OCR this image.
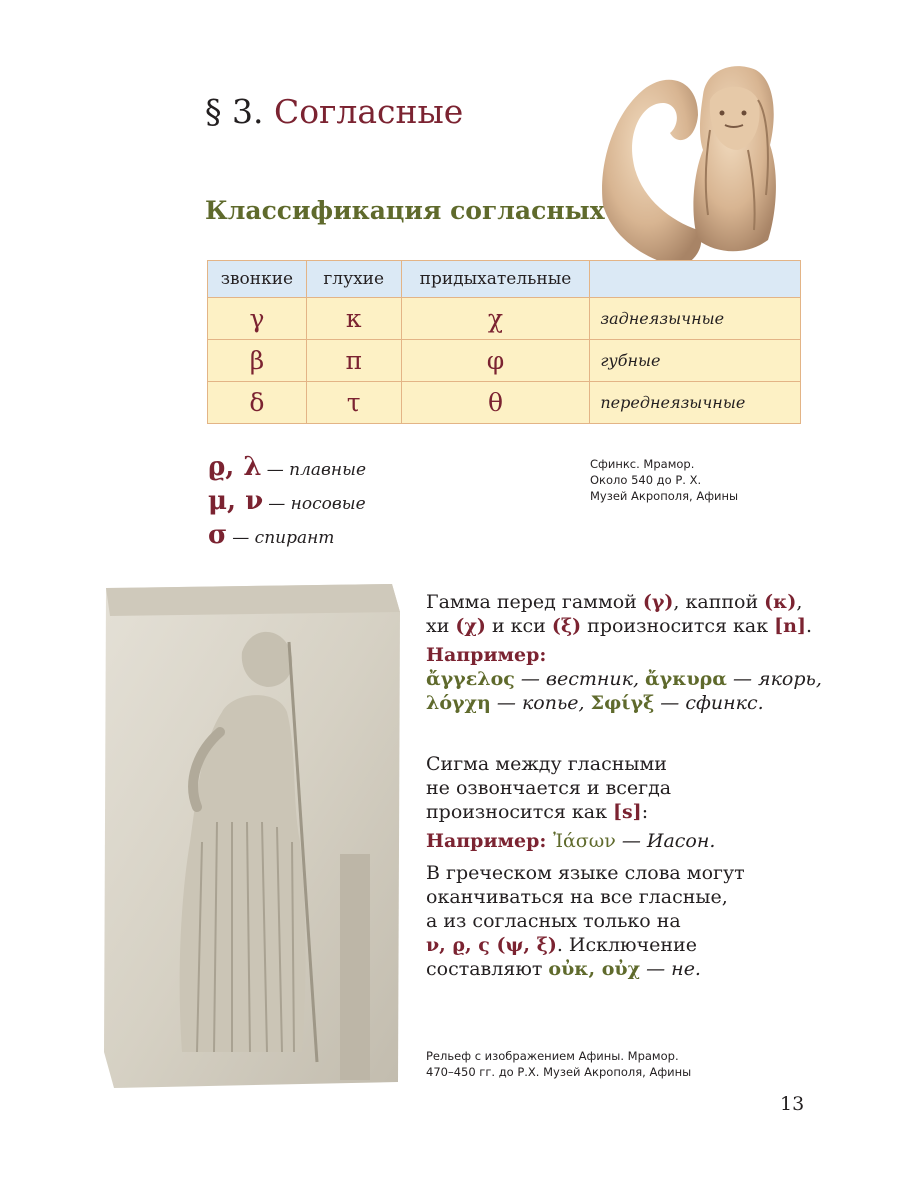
§ 3. Согласные
Классификация согласных
звонкие	глухие	придыхательные	
γ	κ	χ	заднеязычные
β	π	φ	губные
δ	τ	θ	переднеязычные
ϱ, λ — плавные
μ, ν — носовые
σ — спирант
Сфинкс. Мрамор.
Около 540 до Р. Х.
Музей Акрополя, Афины

Гамма перед гаммой (γ), каппой (κ),

хи (χ) и кси (ξ) произносится как [n].

Например:

ἄγγελος — вестник, ἄγκυρα — якорь,

λόγχη — копье, Σφίγξ — сфинкс.

Сигма между гласными

не озвончается и всегда

произносится как [s]:

Например: Ἰάσων — Иасон.

В греческом языке слова могут

оканчиваться на все гласные,

а из согласных только на

ν, ϱ, ς (ψ, ξ). Исключение

составляют οὐκ, οὐχ — не.

Рельеф с изображением Афины. Мрамор.
470–450 гг. до Р.Х. Музей Акрополя, Афины
13
